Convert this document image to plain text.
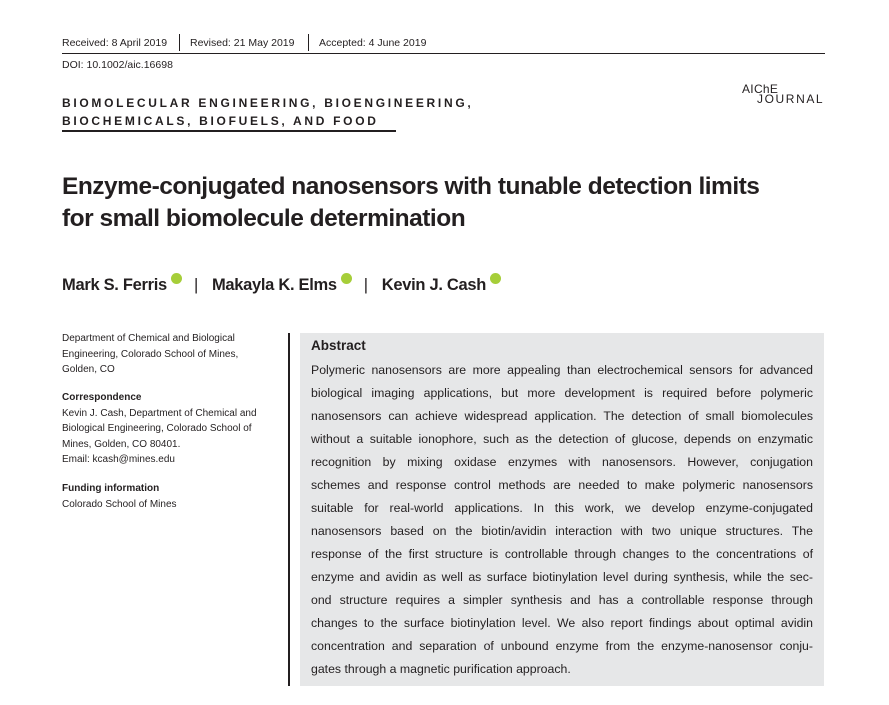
Received: 8 April 2019 Revised: 21 May 2019 Accepted: 4 June 2019
DOI: 10.1002/aic.16698
AIChE
JOURNAL
BIOMOLECULAR ENGINEERING, BIOENGINEERING,
BIOCHEMICALS, BIOFUELS, AND FOOD
Enzyme-conjugated nanosensors with tunable detection limits
for small biomolecule determination
Mark S. Ferris | Makayla K. Elms | Kevin J. Cash
Department of Chemical and Biological
Engineering, Colorado School of Mines,
Golden, CO
Correspondence
Kevin J. Cash, Department of Chemical and
Biological Engineering, Colorado School of
Mines, Golden, CO 80401.
Email: kcash@mines.edu
Funding information
Colorado School of Mines
Abstract
Polymeric nanosensors are more appealing than electrochemical sensors for advanced
biological imaging applications, but more development is required before polymeric
nanosensors can achieve widespread application. The detection of small biomolecules
without a suitable ionophore, such as the detection of glucose, depends on enzymatic
recognition by mixing oxidase enzymes with nanosensors. However, conjugation
schemes and response control methods are needed to make polymeric nanosensors
suitable for real-world applications. In this work, we develop enzyme-conjugated
nanosensors based on the biotin/avidin interaction with two unique structures. The
response of the first structure is controllable through changes to the concentrations of
enzyme and avidin as well as surface biotinylation level during synthesis, while the sec-
ond structure requires a simpler synthesis and has a controllable response through
changes to the surface biotinylation level. We also report findings about optimal avidin
concentration and separation of unbound enzyme from the enzyme-nanosensor conju-
gates through a magnetic purification approach.
